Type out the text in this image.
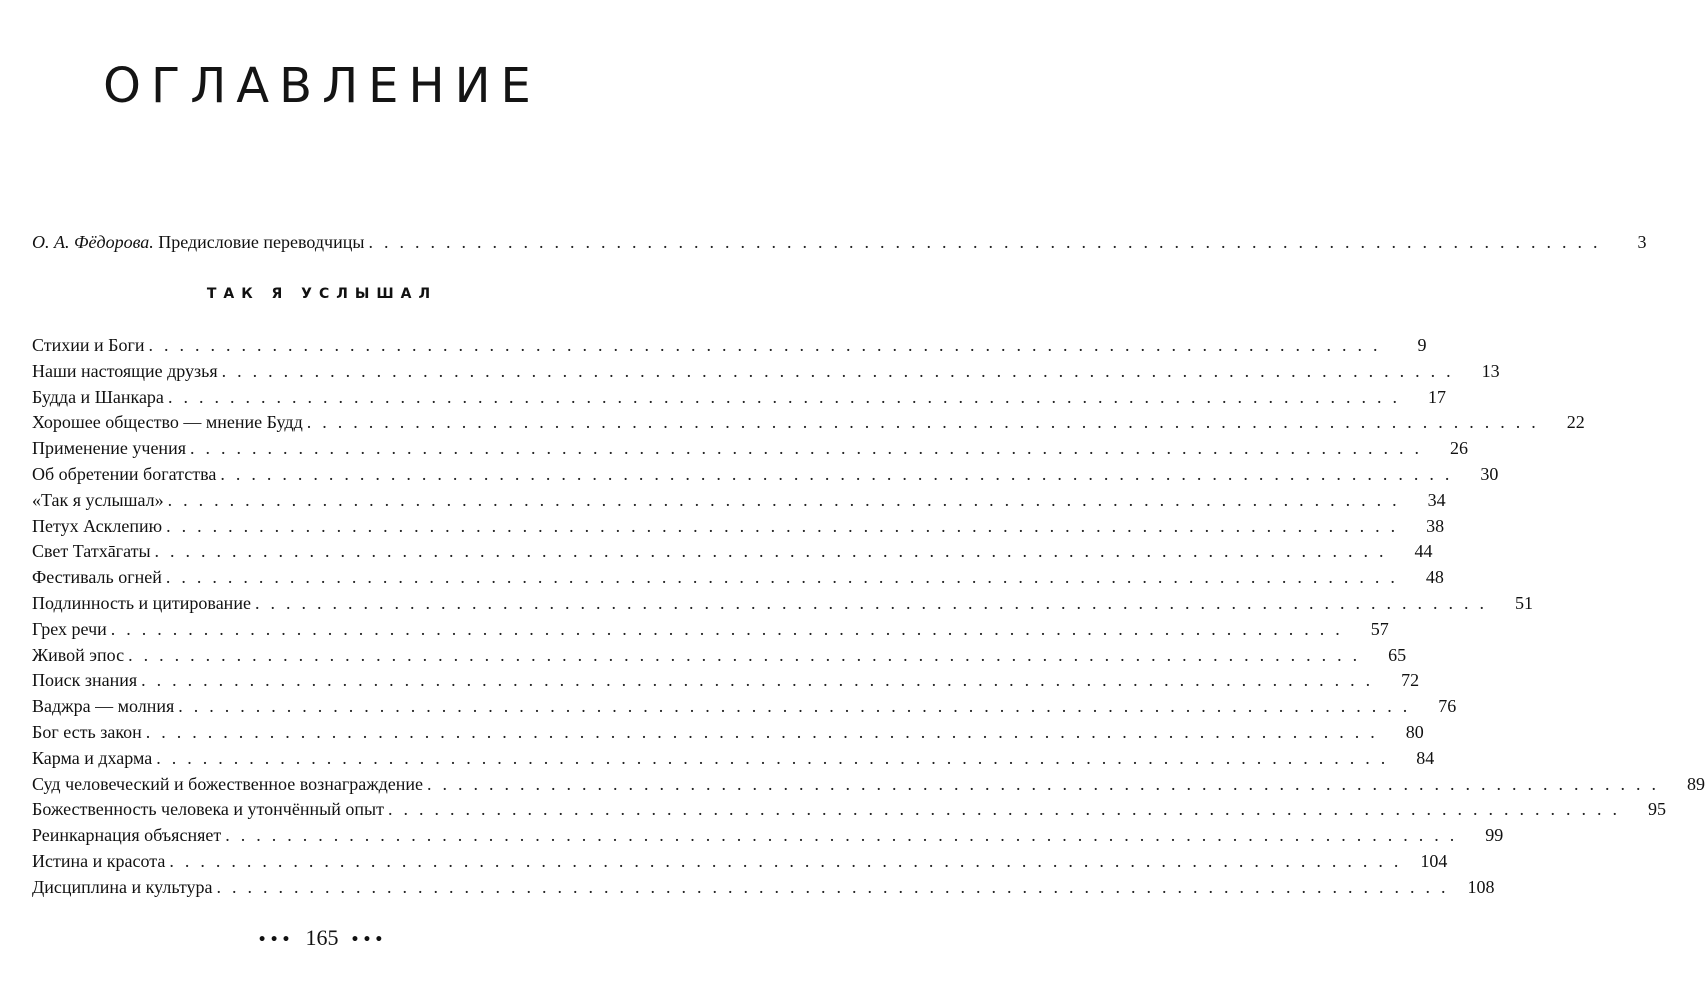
ОГЛАВЛЕНИЕ
О. А. Фёдорова. Предисловие переводчицы ................................................................................	3
ТАК Я УСЛЫШАЛ
Стихии и Боги ................................................................................	9
Наши настоящие друзья ................................................................................	13
Будда и Шанкара ................................................................................	17
Хорошее общество — мнение Будд ................................................................................	22
Применение учения ................................................................................	26
Об обретении богатства ................................................................................	30
«Так я услышал» ................................................................................	34
Петух Асклепию ................................................................................	38
Свет Татхāгаты ................................................................................	44
Фестиваль огней ................................................................................	48
Подлинность и цитирование ................................................................................	51
Грех речи ................................................................................	57
Живой эпос ................................................................................	65
Поиск знания ................................................................................	72
Ваджра — молния ................................................................................	76
Бог есть закон ................................................................................	80
Карма и дхарма ................................................................................	84
Суд человеческий и божественное вознаграждение ................................................................................	89
Божественность человека и утончённый опыт ................................................................................	95
Реинкарнация объясняет ................................................................................	99
Истина и красота ................................................................................ 104
Дисциплина и культура ................................................................................ 108
••• 165 •••
